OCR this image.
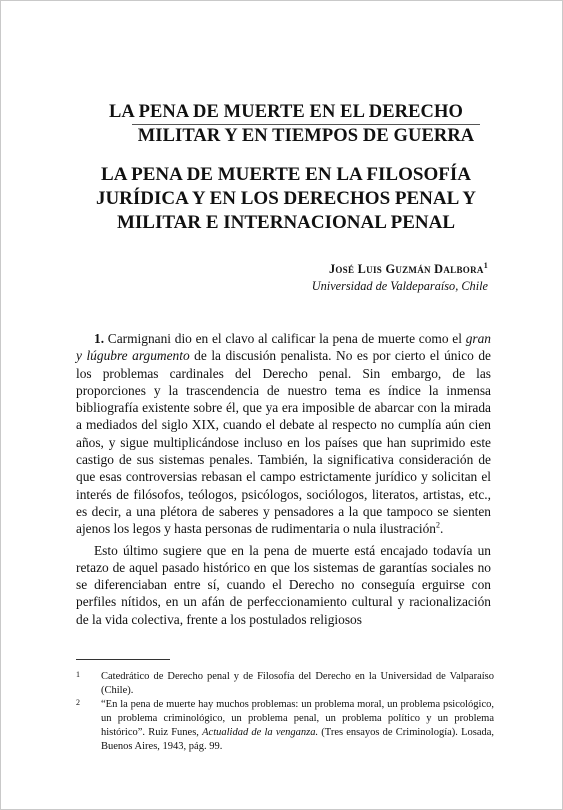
LA PENA DE MUERTE EN EL DERECHO
MILITAR Y EN TIEMPOS DE GUERRA
LA PENA DE MUERTE EN LA FILOSOFÍA
JURÍDICA Y EN LOS DERECHOS PENAL Y
MILITAR E INTERNACIONAL PENAL
José Luis Guzmán Dalbora$^1$
Universidad de Valdeparaíso, Chile

1. Carmignani dio en el clavo al calificar la pena de muerte como el gran y lúgubre argumento de la discusión penalista. No es por cierto el único de los problemas cardinales del Derecho penal. Sin embargo, de las proporciones y la trascendencia de nuestro tema es índice la inmensa bibliografía existente sobre él, que ya era imposible de abarcar con la mirada a mediados del siglo XIX, cuando el debate al respecto no cumplía aún cien años, y sigue multiplicándose incluso en los países que han suprimido este castigo de sus sistemas penales. También, la significativa consideración de que esas controversias rebasan el campo estrictamente jurídico y solicitan el interés de filósofos, teólogos, psicólogos, sociólogos, literatos, artistas, etc., es decir, a una plétora de saberes y pensadores a la que tampoco se sienten ajenos los legos y hasta personas de rudimentaria o nula ilustración$^2$.

Esto último sugiere que en la pena de muerte está encajado todavía un retazo de aquel pasado histórico en que los sistemas de garantías sociales no se diferenciaban entre sí, cuando el Derecho no conseguía erguirse con perfiles nítidos, en un afán de perfeccionamiento cultural y racionalización de la vida colectiva, frente a los postulados religiosos

1 Catedrático de Derecho penal y de Filosofía del Derecho en la Universidad de Valparaíso (Chile).
2 “En la pena de muerte hay muchos problemas: un problema moral, un problema psicológico, un problema criminológico, un problema penal, un problema político y un problema histórico”. Ruiz Funes, Actualidad de la venganza. (Tres ensayos de Criminología). Losada, Buenos Aires, 1943, pág. 99.
